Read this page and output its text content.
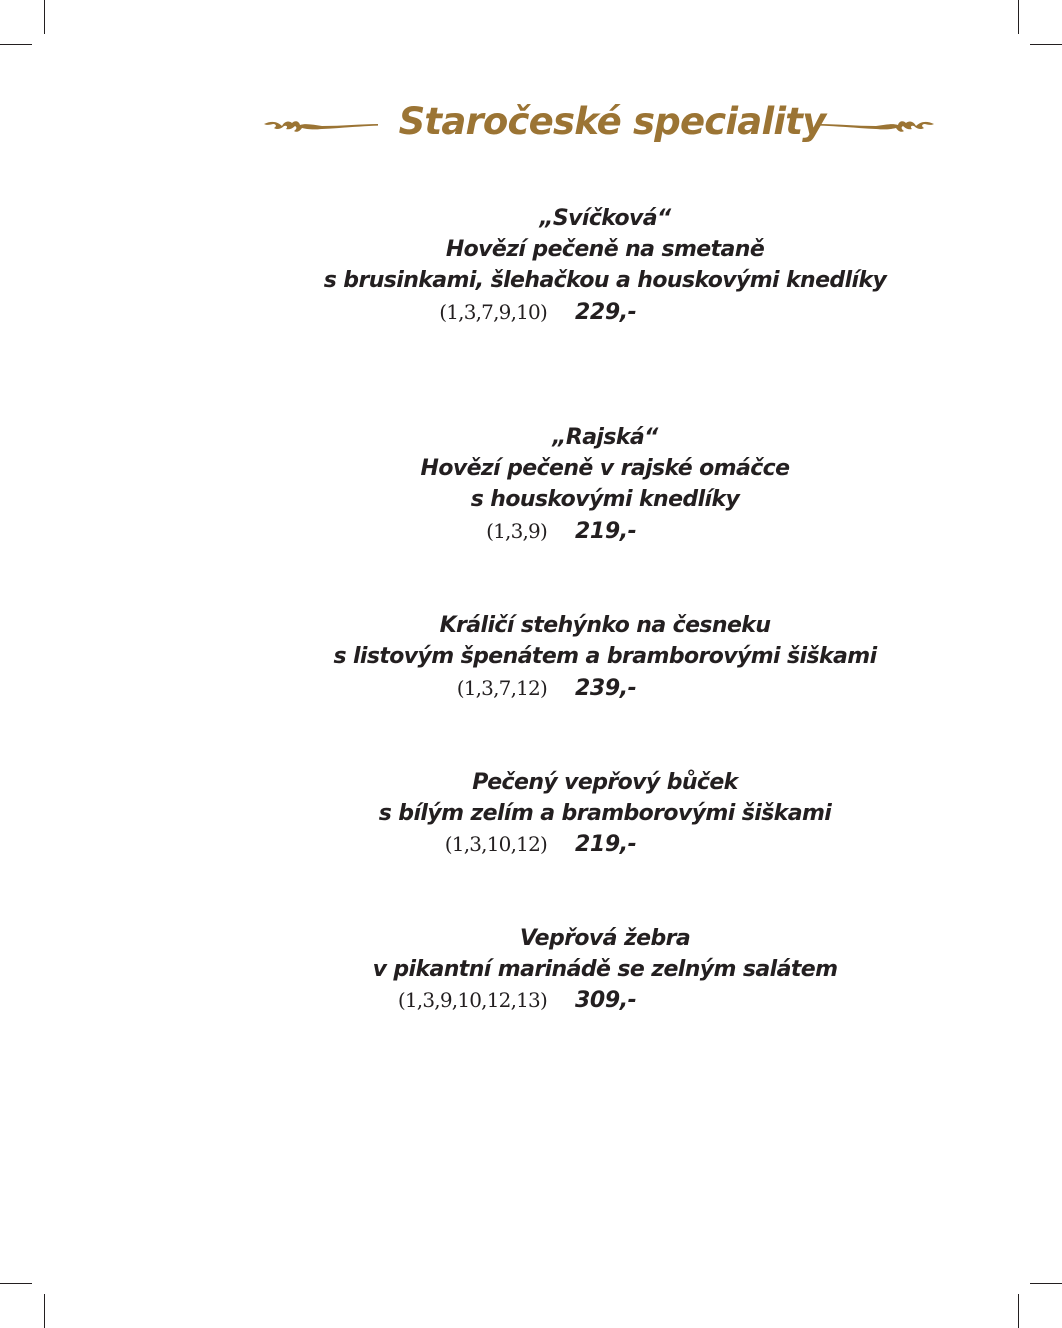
Staročeské speciality
„Svíčková“
Hovězí pečeně na smetaně
s brusinkami, šlehačkou a houskovými knedlíky
(1,3,7,9,10) 229,-
„Rajská“
Hovězí pečeně v rajské omáčce
s houskovými knedlíky
(1,3,9) 219,-
Králičí stehýnko na česneku
s listovým špenátem a bramborovými šiškami
(1,3,7,12) 239,-
Pečený vepřový bůček
s bílým zelím a bramborovými šiškami
(1,3,10,12) 219,-
Vepřová žebra
v pikantní marinádě se zelným salátem
(1,3,9,10,12,13) 309,-
